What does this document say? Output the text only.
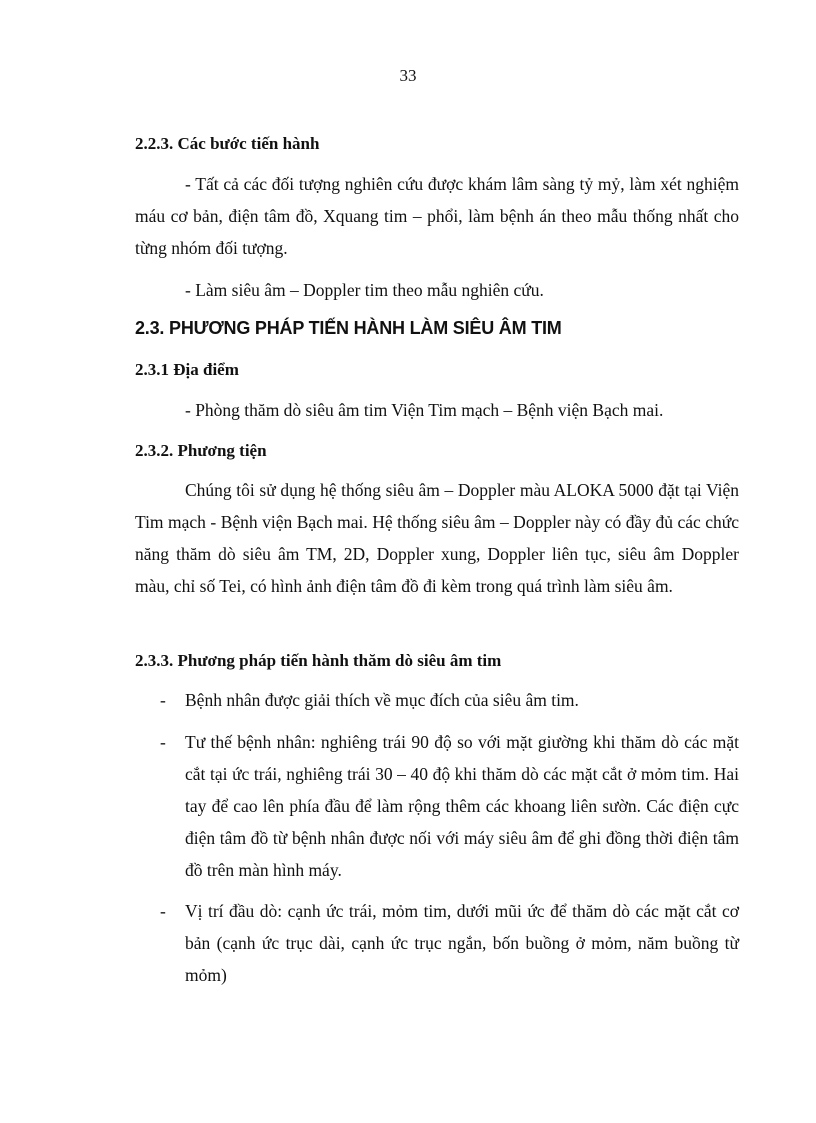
33
2.2.3. Các bước tiến hành
- Tất cả các đối tượng nghiên cứu được khám lâm sàng tỷ mỷ, làm xét nghiệm máu cơ bản, điện tâm đồ, Xquang tim – phổi, làm bệnh án theo mẫu thống nhất cho từng nhóm đối tượng.
- Làm siêu âm – Doppler tim theo mẫu nghiên cứu.
2.3. PHƯƠNG PHÁP TIẾN HÀNH LÀM SIÊU ÂM TIM
2.3.1 Địa điểm
- Phòng thăm dò siêu âm tim Viện Tim mạch – Bệnh viện Bạch mai.
2.3.2. Phương tiện
Chúng tôi sử dụng hệ thống siêu âm – Doppler màu ALOKA 5000 đặt tại Viện Tim mạch - Bệnh viện Bạch mai. Hệ thống siêu âm – Doppler này có đầy đủ các chức năng thăm dò siêu âm TM, 2D, Doppler xung, Doppler liên tục, siêu âm Doppler màu, chỉ số Tei, có hình ảnh điện tâm đồ đi kèm trong quá trình làm siêu âm.
2.3.3. Phương pháp tiến hành thăm dò siêu âm tim
- Bệnh nhân được giải thích về mục đích của siêu âm tim.
- Tư thế bệnh nhân: nghiêng trái 90 độ so với mặt giường khi thăm dò các mặt cắt tại ức trái, nghiêng trái 30 – 40 độ khi thăm dò các mặt cắt ở mỏm tim. Hai tay để cao lên phía đầu để làm rộng thêm các khoang liên sườn. Các điện cực điện tâm đồ từ bệnh nhân được nối với máy siêu âm để ghi đồng thời điện tâm đồ trên màn hình máy.
- Vị trí đầu dò: cạnh ức trái, mỏm tim, dưới mũi ức để thăm dò các mặt cắt cơ bản (cạnh ức trục dài, cạnh ức trục ngắn, bốn buồng ở mỏm, năm buồng từ mỏm)
